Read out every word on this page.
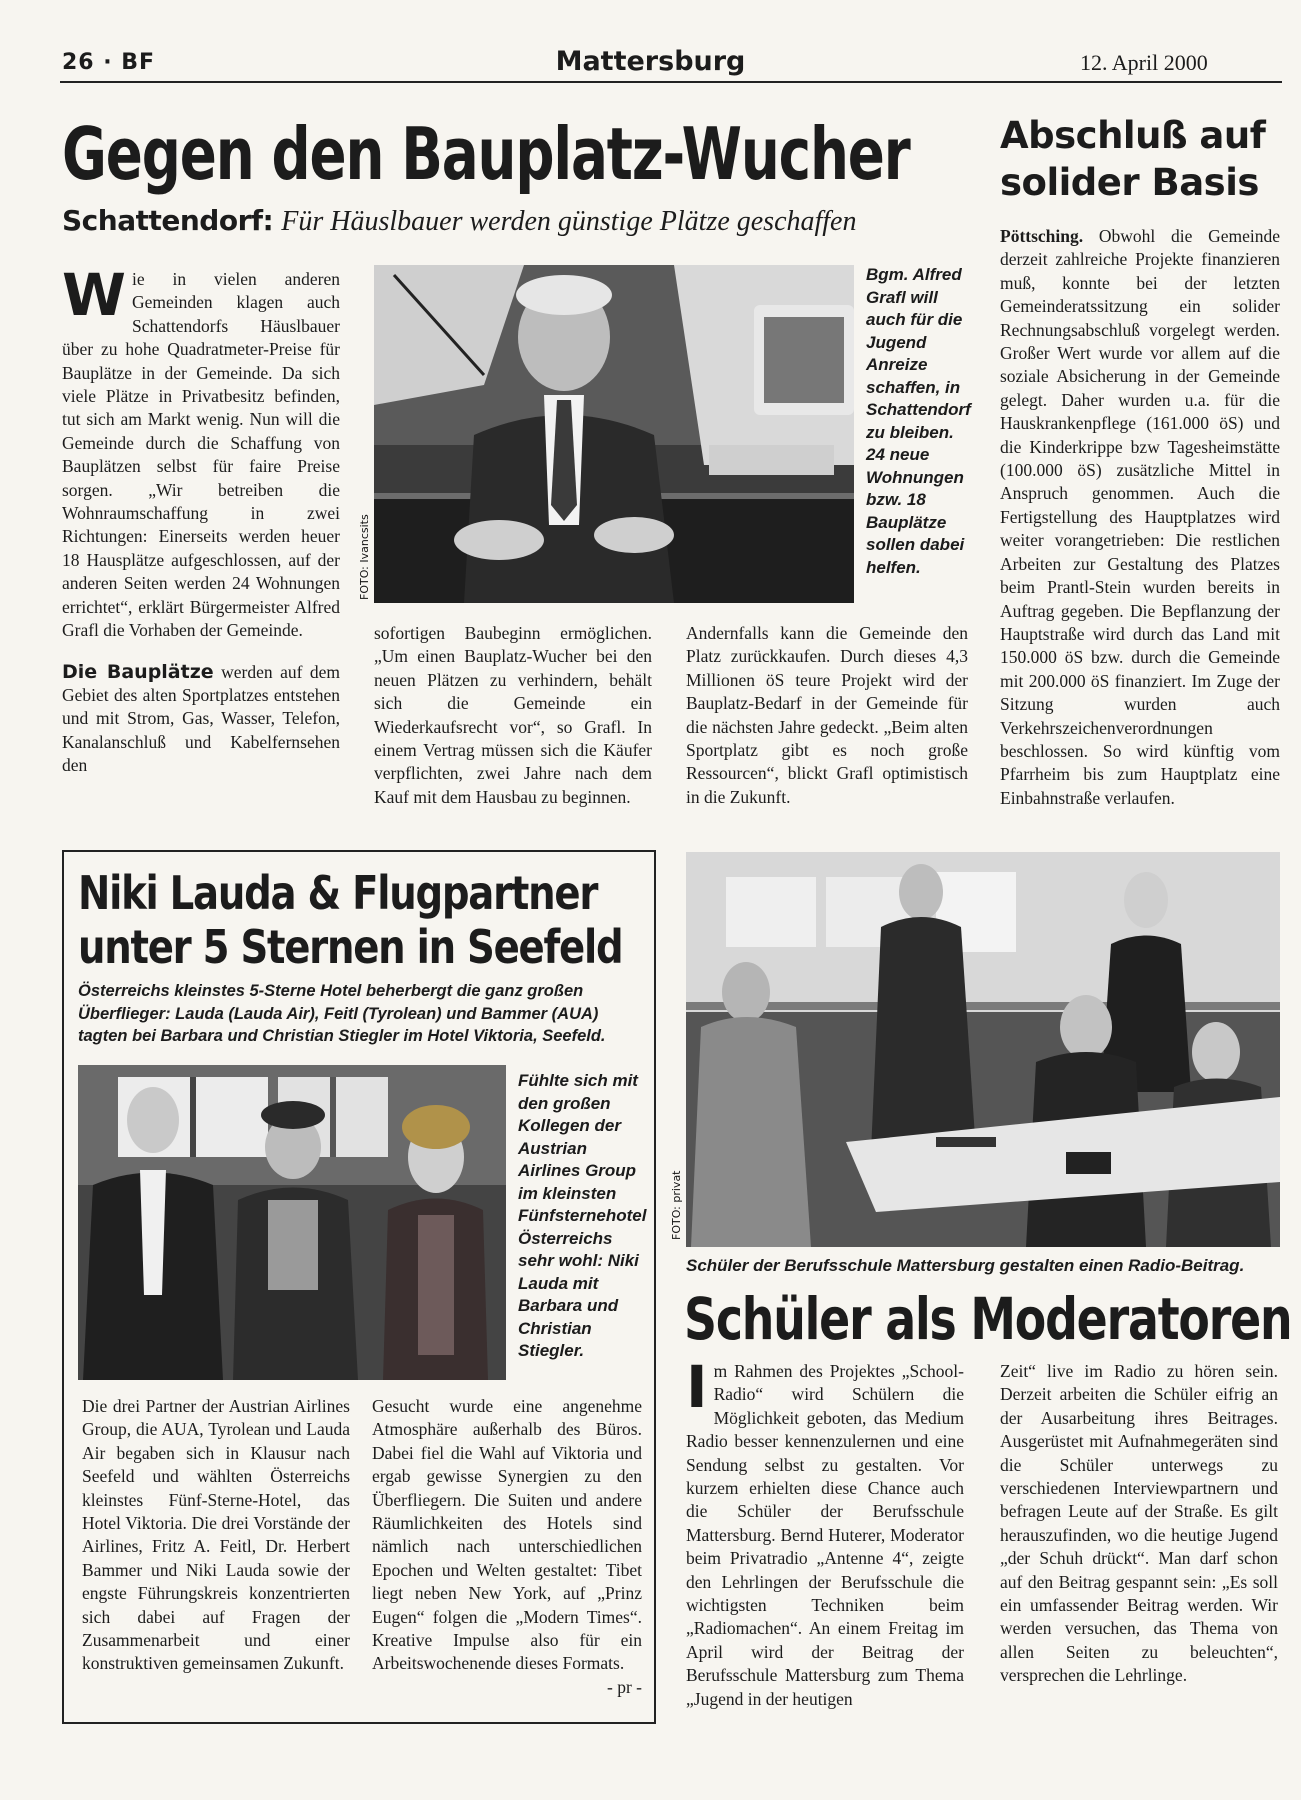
26 · BF	Mattersburg	12. April 2000
Gegen den Bauplatz-Wucher
Schattendorf: Für Häuslbauer werden günstige Plätze geschaffen
W ie in vielen anderen Gemeinden klagen auch Schattendorfs Häuslbauer über zu hohe Quadratmeter-Preise für Bauplätze in der Gemeinde. Da sich viele Plätze in Privatbesitz befinden, tut sich am Markt wenig. Nun will die Gemeinde durch die Schaffung von Bauplätzen selbst für faire Preise sorgen. „Wir betreiben die Wohnraumschaffung in zwei Richtungen: Einerseits werden heuer 18 Hausplätze aufgeschlossen, auf der anderen Seiten werden 24 Wohnungen errichtet“, erklärt Bürgermeister Alfred Grafl die Vorhaben der Gemeinde.

Die Bauplätze werden auf dem Gebiet des alten Sportplatzes entstehen und mit Strom, Gas, Wasser, Telefon, Kanalanschluß und Kabelfernsehen den

FOTO: Ivancsits
Bgm. Alfred Grafl will auch für die Jugend Anreize schaffen, in Schattendorf zu bleiben. 24 neue Wohnungen bzw. 18 Bauplätze sollen dabei helfen.
sofortigen Baubeginn ermöglichen. „Um einen Bauplatz-Wucher bei den neuen Plätzen zu verhindern, behält sich die Gemeinde ein Wiederkaufsrecht vor“, so Grafl. In einem Vertrag müssen sich die Käufer verpflichten, zwei Jahre nach dem Kauf mit dem Hausbau zu beginnen.
Andernfalls kann die Gemeinde den Platz zurückkaufen. Durch dieses 4,3 Millionen öS teure Projekt wird der Bauplatz-Bedarf in der Gemeinde für die nächsten Jahre gedeckt. „Beim alten Sportplatz gibt es noch große Ressourcen“, blickt Grafl optimistisch in die Zukunft.
Abschluß auf
solider Basis
Pöttsching. Obwohl die Gemeinde derzeit zahlreiche Projekte finanzieren muß, konnte bei der letzten Gemeinderatssitzung ein solider Rechnungsabschluß vorgelegt werden. Großer Wert wurde vor allem auf die soziale Absicherung in der Gemeinde gelegt. Daher wurden u.a. für die Hauskrankenpflege (161.000 öS) und die Kinderkrippe bzw Tagesheimstätte (100.000 öS) zusätzliche Mittel in Anspruch genommen. Auch die Fertigstellung des Hauptplatzes wird weiter vorangetrieben: Die restlichen Arbeiten zur Gestaltung des Platzes beim Prantl-Stein wurden bereits in Auftrag gegeben. Die Bepflanzung der Hauptstraße wird durch das Land mit 150.000 öS bzw. durch die Gemeinde mit 200.000 öS finanziert. Im Zuge der Sitzung wurden auch Verkehrszeichenverordnungen beschlossen. So wird künftig vom Pfarrheim bis zum Hauptplatz eine Einbahnstraße verlaufen.
Niki Lauda & Flugpartner
unter 5 Sternen in Seefeld
Österreichs kleinstes 5-Sterne Hotel beherbergt die ganz großen Überflieger: Lauda (Lauda Air), Feitl (Tyrolean) und Bammer (AUA) tagten bei Barbara und Christian Stiegler im Hotel Viktoria, Seefeld.
Fühlte sich mit den großen Kollegen der Austrian Airlines Group im kleinsten Fünfsternehotel Österreichs sehr wohl: Niki Lauda mit Barbara und Christian Stiegler.
Die drei Partner der Austrian Airlines Group, die AUA, Tyrolean und Lauda Air begaben sich in Klausur nach Seefeld und wählten Österreichs kleinstes Fünf-Sterne-Hotel, das Hotel Viktoria. Die drei Vorstände der Airlines, Fritz A. Feitl, Dr. Herbert Bammer und Niki Lauda sowie der engste Führungskreis konzentrierten sich dabei auf Fragen der Zusammenarbeit und einer konstruktiven gemeinsamen Zukunft.
Gesucht wurde eine angenehme Atmosphäre außerhalb des Büros. Dabei fiel die Wahl auf Viktoria und ergab gewisse Synergien zu den Überfliegern. Die Suiten und andere Räumlichkeiten des Hotels sind nämlich nach unterschiedlichen Epochen und Welten gestaltet: Tibet liegt neben New York, auf „Prinz Eugen“ folgen die „Modern Times“. Kreative Impulse also für ein Arbeitswochenende dieses Formats.
- pr -
FOTO: privat
Schüler der Berufsschule Mattersburg gestalten einen Radio-Beitrag.
Schüler als Moderatoren
I m Rahmen des Projektes „School-Radio“ wird Schülern die Möglichkeit geboten, das Medium Radio besser kennenzulernen und eine Sendung selbst zu gestalten. Vor kurzem erhielten diese Chance auch die Schüler der Berufsschule Mattersburg. Bernd Huterer, Moderator beim Privatradio „Antenne 4“, zeigte den Lehrlingen der Berufsschule die wichtigsten Techniken beim „Radiomachen“. An einem Freitag im April wird der Beitrag der Berufsschule Mattersburg zum Thema „Jugend in der heutigen
Zeit“ live im Radio zu hören sein. Derzeit arbeiten die Schüler eifrig an der Ausarbeitung ihres Beitrages. Ausgerüstet mit Aufnahmegeräten sind die Schüler unterwegs zu verschiedenen Interviewpartnern und befragen Leute auf der Straße. Es gilt herauszufinden, wo die heutige Jugend „der Schuh drückt“. Man darf schon auf den Beitrag gespannt sein: „Es soll ein umfassender Beitrag werden. Wir werden versuchen, das Thema von allen Seiten zu beleuchten“, versprechen die Lehrlinge.
